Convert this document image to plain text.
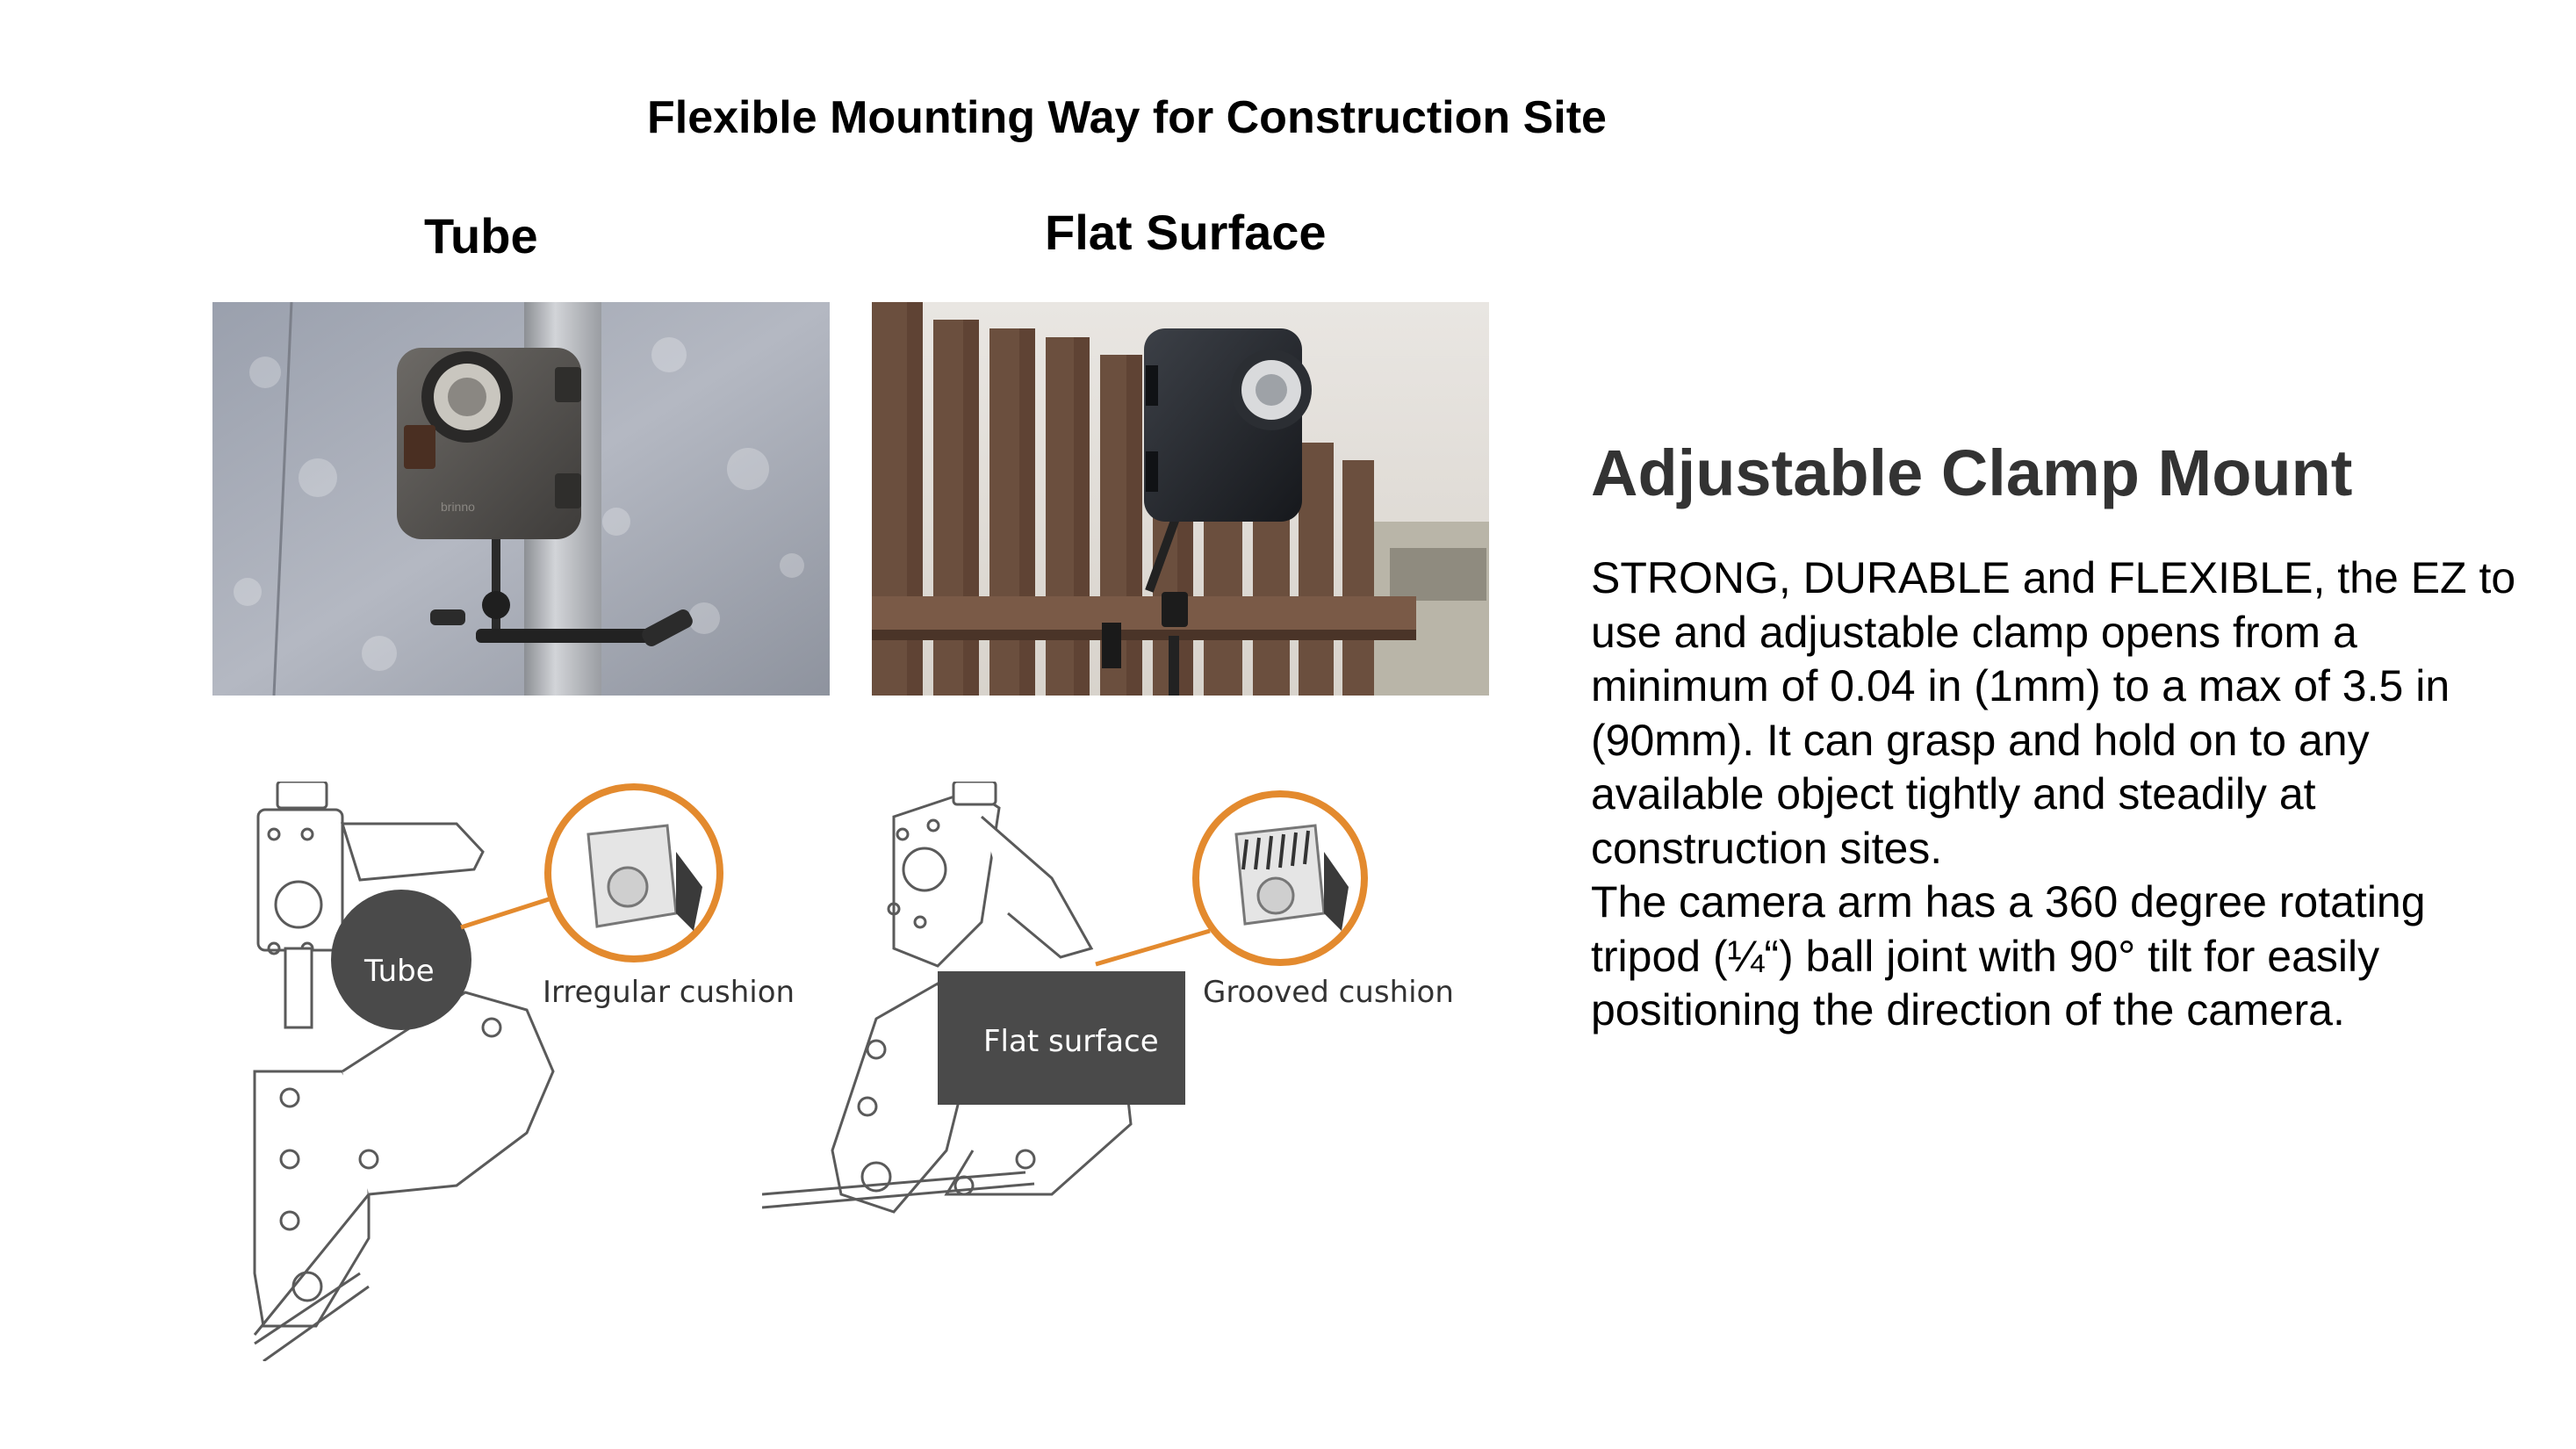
Flexible Mounting Way for Construction Site
Tube	Flat Surface
brinno
Tube
Irregular cushion
Flat surface
Grooved cushion
Adjustable Clamp Mount

STRONG, DURABLE and FLEXIBLE, the EZ to use and adjustable clamp opens from a minimum of 0.04 in (1mm) to a max of 3.5 in (90mm). It can grasp and hold on to any available object tightly and steadily at construction sites.

The camera arm has a 360 degree rotating tripod (¼“) ball joint with 90° tilt for easily positioning the direction of the camera.
